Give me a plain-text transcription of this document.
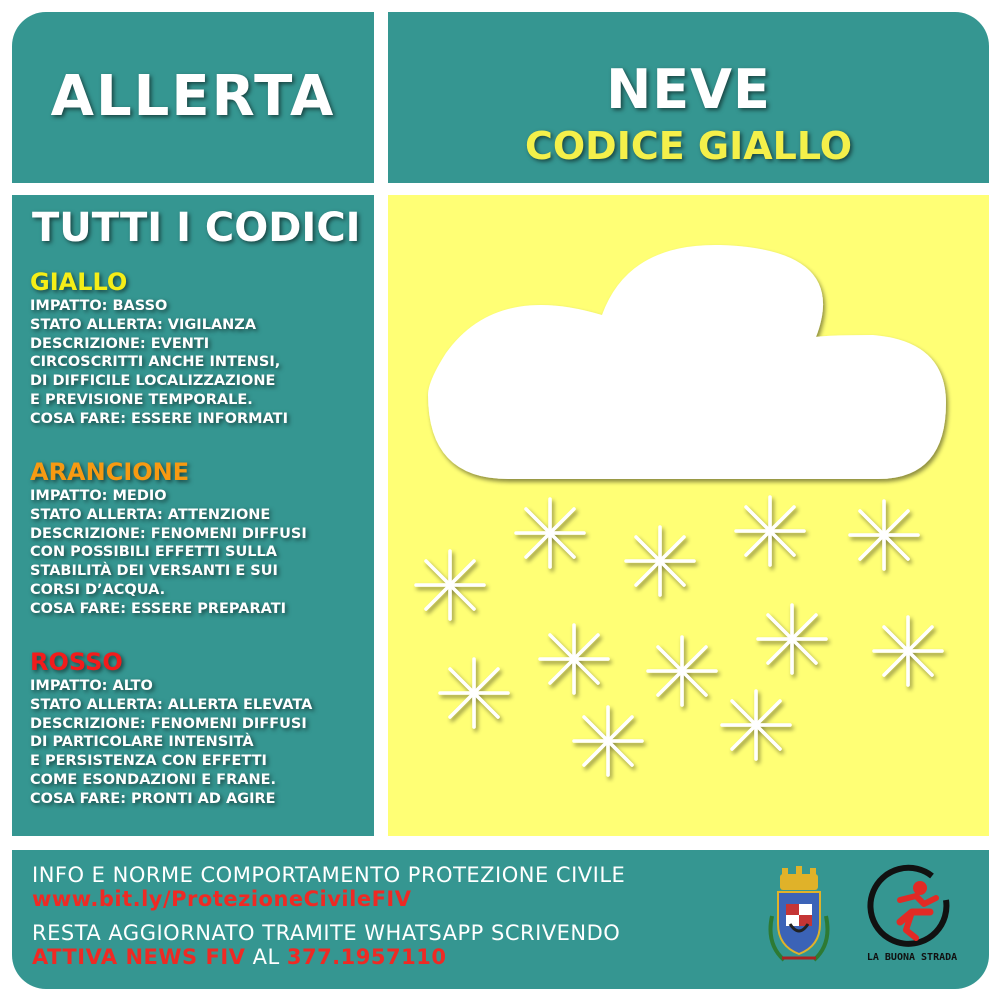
ALLERTA	NEVE
CODICE GIALLO
TUTTI I CODICI
GIALLO
IMPATTO: BASSO
STATO ALLERTA: VIGILANZA
DESCRIZIONE: EVENTI
CIRCOSCRITTI ANCHE INTENSI,
DI DIFFICILE LOCALIZZAZIONE
E PREVISIONE TEMPORALE.
COSA FARE: ESSERE INFORMATI
ARANCIONE
IMPATTO: MEDIO
STATO ALLERTA: ATTENZIONE
DESCRIZIONE: FENOMENI DIFFUSI
CON POSSIBILI EFFETTI SULLA
STABILITÀ DEI VERSANTI E SUI
CORSI D’ACQUA.
COSA FARE: ESSERE PREPARATI
ROSSO
IMPATTO: ALTO
STATO ALLERTA: ALLERTA ELEVATA
DESCRIZIONE: FENOMENI DIFFUSI
DI PARTICOLARE INTENSITÀ
E PERSISTENZA CON EFFETTI
COME ESONDAZIONI E FRANE.
COSA FARE: PRONTI AD AGIRE
INFO E NORME COMPORTAMENTO PROTEZIONE CIVILE
www.bit.ly/ProtezioneCivileFIV
RESTA AGGIORNATO TRAMITE WHATSAPP SCRIVENDO
ATTIVA NEWS FIV AL 377.1957110	LA BUONA STRADA
